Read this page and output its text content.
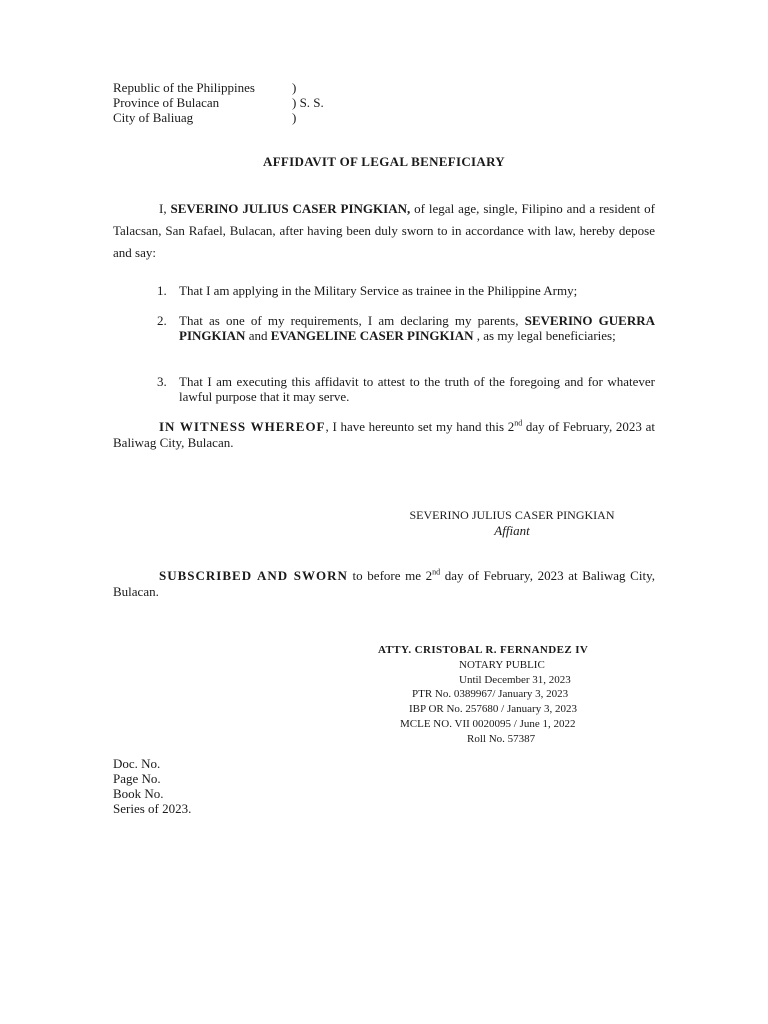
Republic of the Philippines	)
Province of Bulacan	) S. S.
City of Baliuag	)
AFFIDAVIT OF LEGAL BENEFICIARY
I, SEVERINO JULIUS CASER PINGKIAN, of legal age, single, Filipino and a resident of Talacsan, San Rafael, Bulacan, after having been duly sworn to in accordance with law, hereby depose and say:
1. That I am applying in the Military Service as trainee in the Philippine Army;
2. That as one of my requirements, I am declaring my parents, SEVERINO GUERRA PINGKIAN and EVANGELINE CASER PINGKIAN , as my legal beneficiaries;
3. That I am executing this affidavit to attest to the truth of the foregoing and for whatever lawful purpose that it may serve.
IN WITNESS WHEREOF, I have hereunto set my hand this 2nd day of February, 2023 at Baliwag City, Bulacan.
SEVERINO JULIUS CASER PINGKIAN
Affiant
SUBSCRIBED AND SWORN to before me 2nd day of February, 2023 at Baliwag City, Bulacan.
ATTY. CRISTOBAL R. FERNANDEZ IV
NOTARY PUBLIC
Until December 31, 2023
PTR No. 0389967/ January 3, 2023
IBP OR No. 257680 / January 3, 2023
MCLE NO. VII 0020095 / June 1, 2022
Roll No. 57387
Doc. No.
Page No.
Book No.
Series of 2023.
